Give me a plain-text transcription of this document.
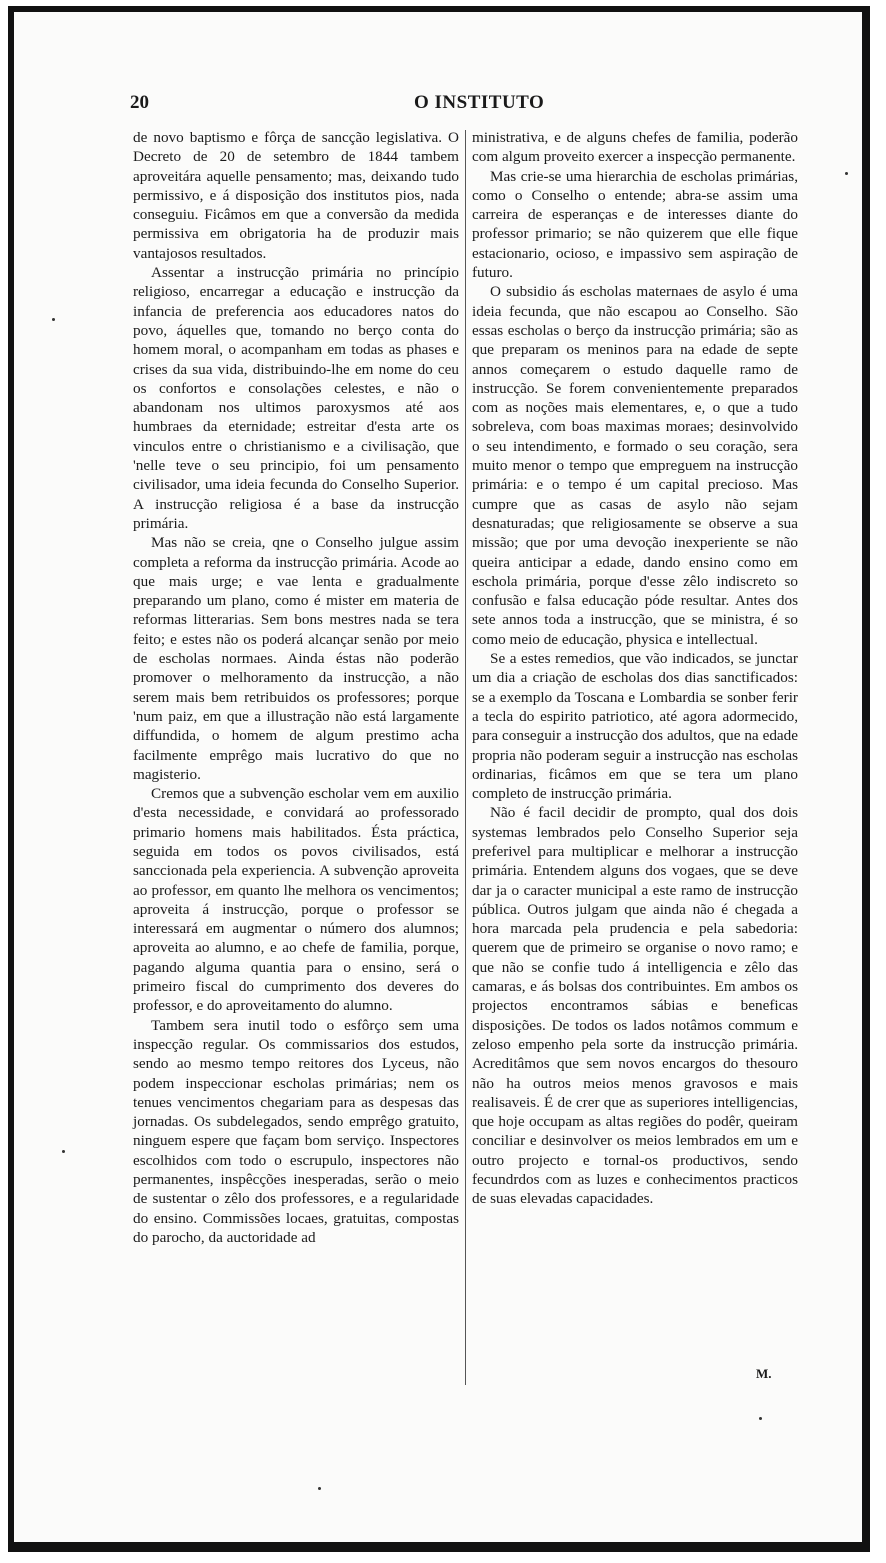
20	O INSTITUTO

de novo baptismo e fôrça de sancção legislativa. O Decreto de 20 de setembro de 1844 tambem aproveitára aquelle pensamento; mas, deixando tudo permissivo, e á disposição dos institutos pios, nada conseguiu. Ficâmos em que a conversão da medida permissiva em obrigatoria ha de produzir mais vantajosos resultados.

Assentar a instrucção primária no princípio religioso, encarregar a educação e instrucção da infancia de preferencia aos educadores natos do povo, áquelles que, tomando no berço conta do homem moral, o acompanham em todas as phases e crises da sua vida, distribuindo-lhe em nome do ceu os confortos e consolações celestes, e não o abandonam nos ultimos paroxysmos até aos humbraes da eternidade; estreitar d'esta arte os vinculos entre o christianismo e a civilisação, que 'nelle teve o seu principio, foi um pensamento civilisador, uma ideia fecunda do Conselho Superior. A instrucção religiosa é a base da instrucção primária.

Mas não se creia, qne o Conselho julgue assim completa a reforma da instrucção primária. Acode ao que mais urge; e vae lenta e gradualmente preparando um plano, como é mister em materia de reformas litterarias. Sem bons mestres nada se tera feito; e estes não os poderá alcançar senão por meio de escholas normaes. Ainda éstas não poderão promover o melhoramento da instrucção, a não serem mais bem retribuidos os professores; porque 'num paiz, em que a illustração não está largamente diffundida, o homem de algum prestimo acha facilmente emprêgo mais lucrativo do que no magisterio.

Cremos que a subvenção escholar vem em auxilio d'esta necessidade, e convidará ao professorado primario homens mais habilitados. Ésta práctica, seguida em todos os povos civilisados, está sanccionada pela experiencia. A subvenção aproveita ao professor, em quanto lhe melhora os vencimentos; aproveita á instrucção, porque o professor se interessará em augmentar o número dos alumnos; aproveita ao alumno, e ao chefe de familia, porque, pagando alguma quantia para o ensino, será o primeiro fiscal do cumprimento dos deveres do professor, e do aproveitamento do alumno.

Tambem sera inutil todo o esfôrço sem uma inspecção regular. Os commissarios dos estudos, sendo ao mesmo tempo reitores dos Lyceus, não podem inspeccionar escholas primárias; nem os tenues vencimentos chegariam para as despesas das jornadas. Os subdelegados, sendo emprêgo gratuito, ninguem espere que façam bom serviço. Inspectores escolhidos com todo o escrupulo, inspectores não permanentes, inspêcções inesperadas, serão o meio de sustentar o zêlo dos professores, e a regularidade do ensino. Commissões locaes, gratuitas, compostas do parocho, da auctoridade ad

ministrativa, e de alguns chefes de familia, poderão com algum proveito exercer a inspecção permanente.

Mas crie-se uma hierarchia de escholas primárias, como o Conselho o entende; abra-se assim uma carreira de esperanças e de interesses diante do professor primario; se não quizerem que elle fique estacionario, ocioso, e impassivo sem aspiração de futuro.

O subsidio ás escholas maternaes de asylo é uma ideia fecunda, que não escapou ao Conselho. São essas escholas o berço da instrucção primária; são as que preparam os meninos para na edade de septe annos começarem o estudo daquelle ramo de instrucção. Se forem convenientemente preparados com as noções mais elementares, e, o que a tudo sobreleva, com boas maximas moraes; desinvolvido o seu intendimento, e formado o seu coração, sera muito menor o tempo que empreguem na instrucção primária: e o tempo é um capital precioso. Mas cumpre que as casas de asylo não sejam desnaturadas; que religiosamente se observe a sua missão; que por uma devoção inexperiente se não queira anticipar a edade, dando ensino como em eschola primária, porque d'esse zêlo indiscreto so confusão e falsa educação póde resultar. Antes dos sete annos toda a instrucção, que se ministra, é so como meio de educação, physica e intellectual.

Se a estes remedios, que vão indicados, se junctar um dia a criação de escholas dos dias sanctificados: se a exemplo da Toscana e Lombardia se sonber ferir a tecla do espirito patriotico, até agora adormecido, para conseguir a instrucção dos adultos, que na edade propria não poderam seguir a instrucção nas escholas ordinarias, ficâmos em que se tera um plano completo de instrucção primária.

Não é facil decidir de prompto, qual dos dois systemas lembrados pelo Conselho Superior seja preferivel para multiplicar e melhorar a instrucção primária. Entendem alguns dos vogaes, que se deve dar ja o caracter municipal a este ramo de instrucção pública. Outros julgam que ainda não é chegada a hora marcada pela prudencia e pela sabedoria: querem que de primeiro se organise o novo ramo; e que não se confie tudo á intelligencia e zêlo das camaras, e ás bolsas dos contribuintes. Em ambos os projectos encontramos sábias e beneficas disposições. De todos os lados notâmos commum e zeloso empenho pela sorte da instrucção primária. Acreditâmos que sem novos encargos do thesouro não ha outros meios menos gravosos e mais realisaveis. É de crer que as superiores intelligencias, que hoje occupam as altas regiões do podêr, queiram conciliar e desinvolver os meios lembrados em um e outro projecto e tornal-os productivos, sendo fecundrdos com as luzes e conhecimentos practicos de suas elevadas capacidades.

M.
